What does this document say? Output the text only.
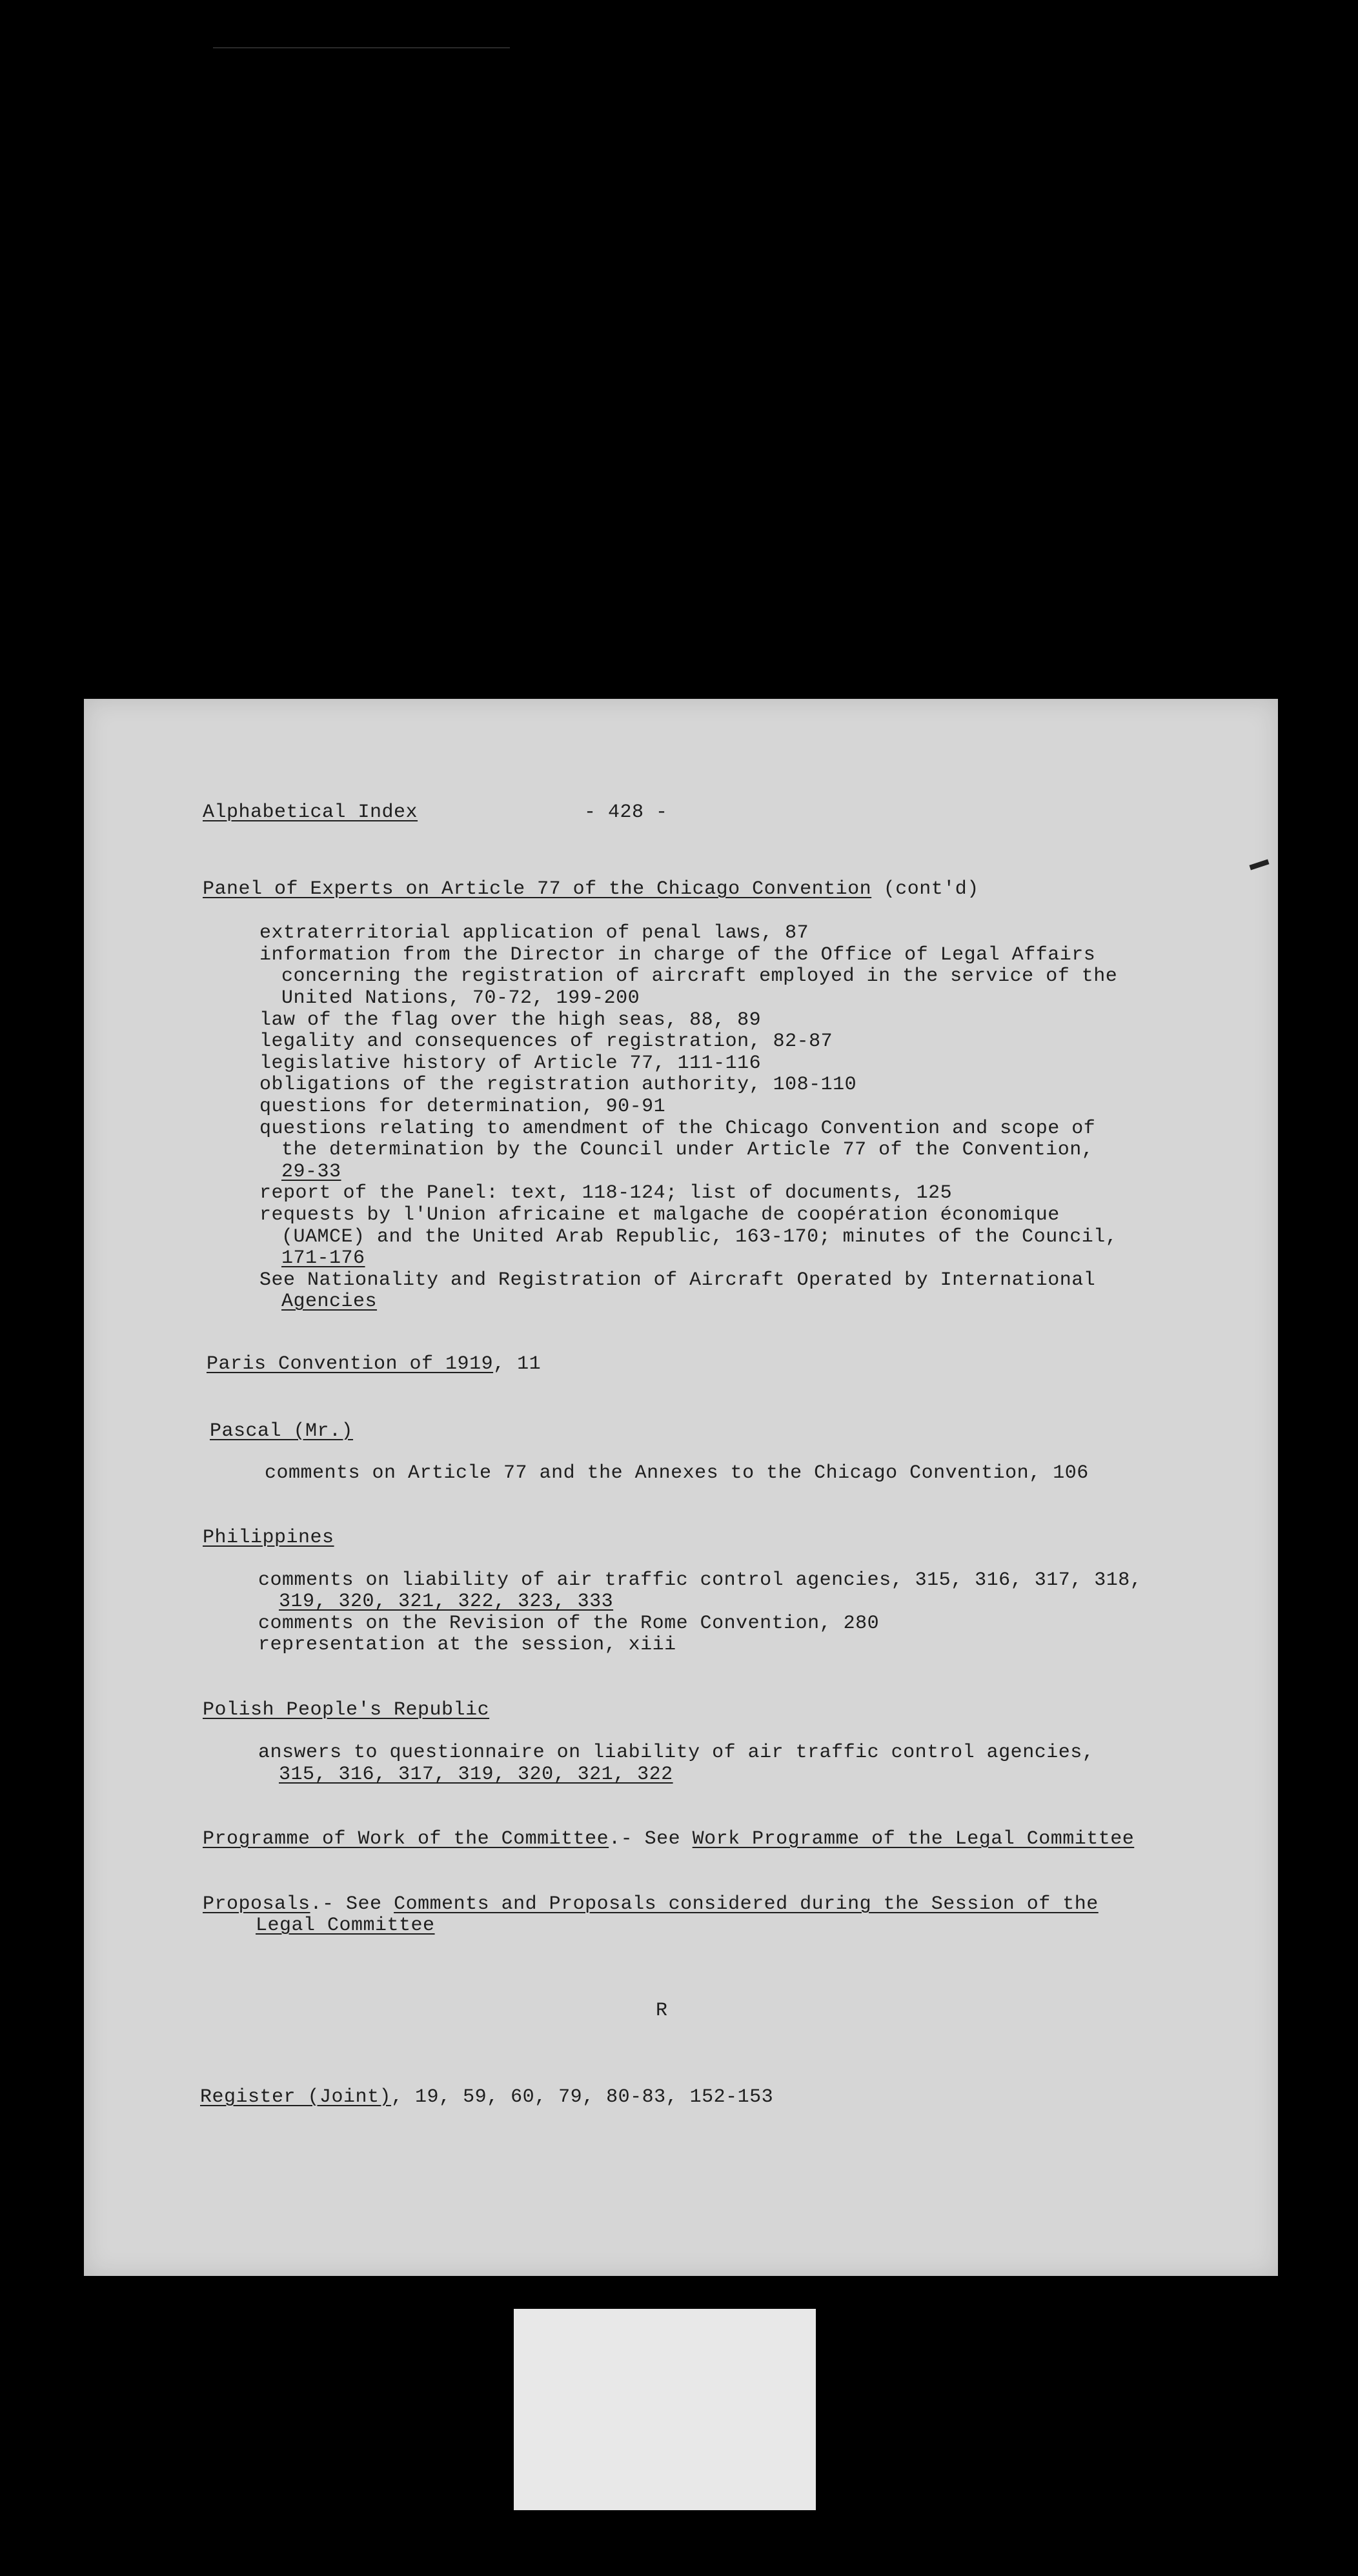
Alphabetical Index	- 428 -
Panel of Experts on Article 77 of the Chicago Convention (cont'd)
extraterritorial application of penal laws, 87
information from the Director in charge of the Office of Legal Affairs
concerning the registration of aircraft employed in the service of the
United Nations, 70-72, 199-200
law of the flag over the high seas, 88, 89
legality and consequences of registration, 82-87
legislative history of Article 77, 111-116
obligations of the registration authority, 108-110
questions for determination, 90-91
questions relating to amendment of the Chicago Convention and scope of
the determination by the Council under Article 77 of the Convention,
29-33
report of the Panel: text, 118-124; list of documents, 125
requests by l'Union africaine et malgache de coopération économique
(UAMCE) and the United Arab Republic, 163-170; minutes of the Council,
171-176
See Nationality and Registration of Aircraft Operated by International
Agencies
Paris Convention of 1919, 11
Pascal (Mr.)
comments on Article 77 and the Annexes to the Chicago Convention, 106
Philippines
comments on liability of air traffic control agencies, 315, 316, 317, 318,
319, 320, 321, 322, 323, 333
comments on the Revision of the Rome Convention, 280
representation at the session, xiii
Polish People's Republic
answers to questionnaire on liability of air traffic control agencies,
315, 316, 317, 319, 320, 321, 322
Programme of Work of the Committee.- See Work Programme of the Legal Committee
Proposals.- See Comments and Proposals considered during the Session of the
Legal Committee
R
Register (Joint), 19, 59, 60, 79, 80-83, 152-153
